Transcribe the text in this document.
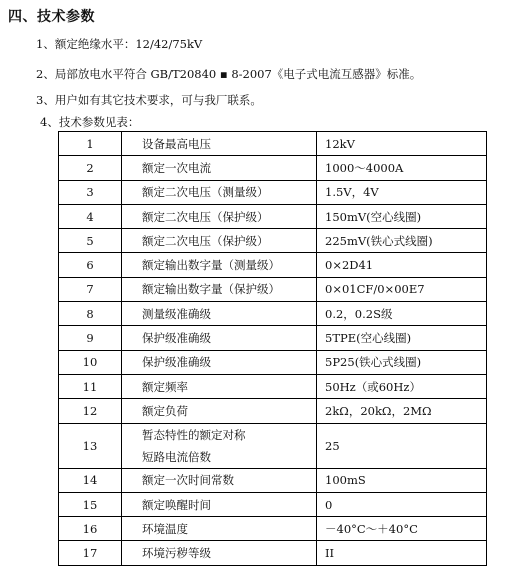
四、技术参数
1、额定绝缘水平：12/42/75kV
2、局部放电水平符合 GB/T20840 ▪ 8-2007《电子式电流互感器》标准。
3、用户如有其它技术要求，可与我厂联系。
4、技术参数见表：
1	设备最高电压	12kV
2	额定一次电流	1000～4000A
3	额定二次电压（测量级）	1.5V，4V
4	额定二次电压（保护级）	150mV(空心线圈)
5	额定二次电压（保护级）	225mV(铁心式线圈)
6	额定输出数字量（测量级）	0×2D41
7	额定输出数字量（保护级）	0×01CF/0×00E7
8	测量级准确级	0.2，0.2S级
9	保护级准确级	5TPE(空心线圈)
10	保护级准确级	5P25(铁心式线圈)
11	额定频率	50Hz（或60Hz）
12	额定负荷	2kΩ，20kΩ，2MΩ
13	暂态特性的额定对称
短路电流倍数	25
14	额定一次时间常数	100mS
15	额定唤醒时间	0
16	环境温度	－40°C～＋40°C
17	环境污秽等级	II
